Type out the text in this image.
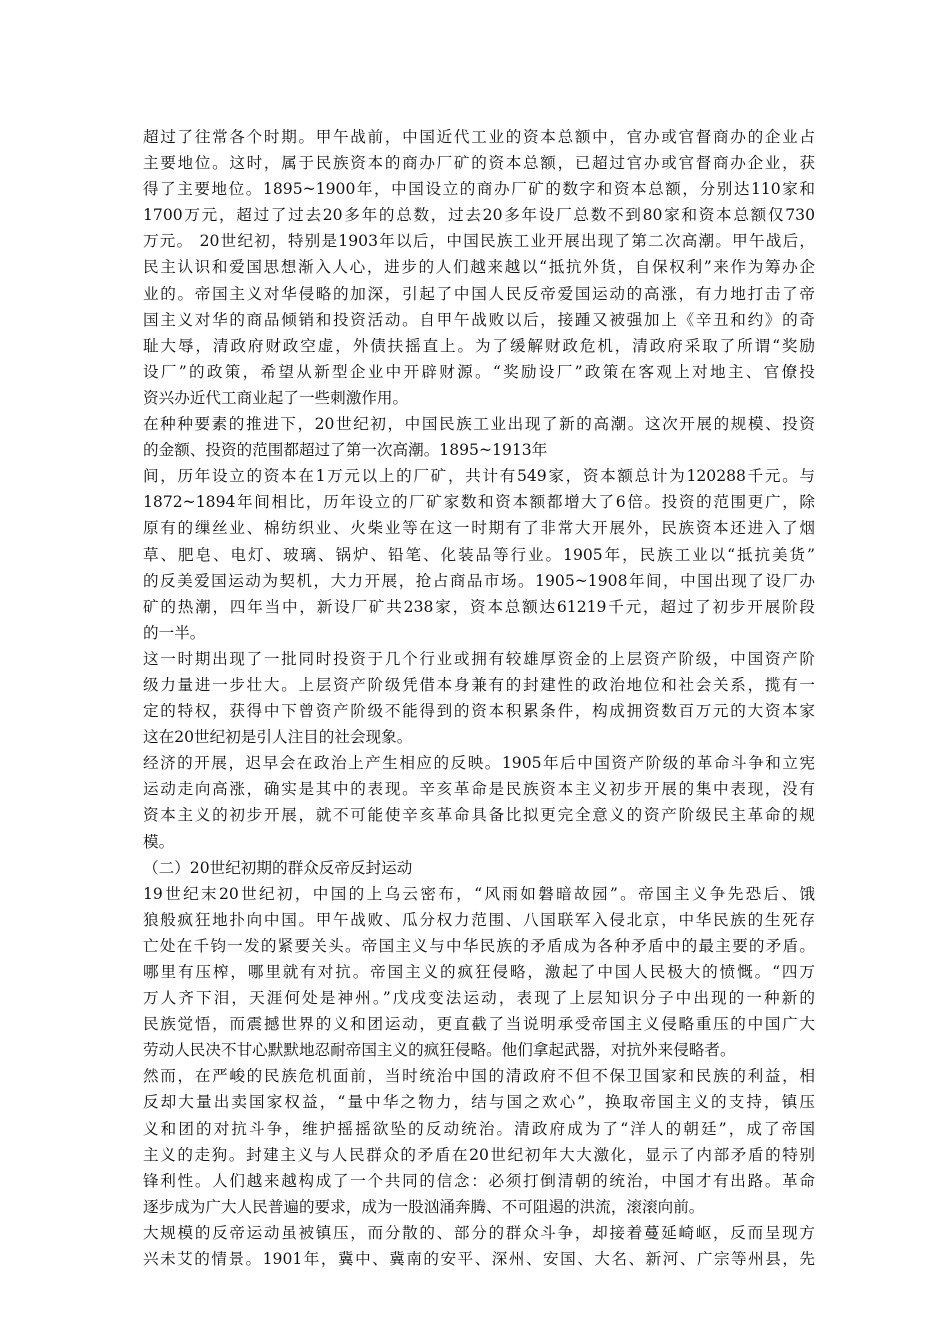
超过了往常各个时期。甲午战前，中国近代工业的资本总额中，官办或官督商办的企业占
主要地位。这时，属于民族资本的商办厂矿的资本总额，已超过官办或官督商办企业，获
得了主要地位。1895~1900年，中国设立的商办厂矿的数字和资本总额，分别达110家和
1700万元，超过了过去20多年的总数，过去20多年设厂总数不到80家和资本总额仅730
万元。 20世纪初，特别是1903年以后，中国民族工业开展出现了第二次高潮。甲午战后，
民主认识和爱国思想渐入人心，进步的人们越来越以“抵抗外货，自保权利”来作为筹办企
业的。帝国主义对华侵略的加深，引起了中国人民反帝爱国运动的高涨，有力地打击了帝
国主义对华的商品倾销和投资活动。自甲午战败以后，接踵又被强加上《辛丑和约》的奇
耻大辱，清政府财政空虚，外债扶摇直上。为了缓解财政危机，清政府采取了所谓“奖励
设厂”的政策，希望从新型企业中开辟财源。“奖励设厂”政策在客观上对地主、官僚投
资兴办近代工商业起了一些刺激作用。
在种种要素的推进下，20世纪初，中国民族工业出现了新的高潮。这次开展的规模、投资
的金额、投资的范围都超过了第一次高潮。1895~1913年
间，历年设立的资本在1万元以上的厂矿，共计有549家，资本额总计为120288千元。与
1872~1894年间相比，历年设立的厂矿家数和资本额都增大了6倍。投资的范围更广，除
原有的缫丝业、棉纺织业、火柴业等在这一时期有了非常大开展外，民族资本还进入了烟
草、肥皂、电灯、玻璃、锅炉、铅笔、化装品等行业。1905年，民族工业以“抵抗美货”
的反美爱国运动为契机，大力开展，抢占商品市场。1905~1908年间，中国出现了设厂办
矿的热潮，四年当中，新设厂矿共238家，资本总额达61219千元，超过了初步开展阶段
的一半。
这一时期出现了一批同时投资于几个行业或拥有较雄厚资金的上层资产阶级，中国资产阶
级力量进一步壮大。上层资产阶级凭借本身兼有的封建性的政治地位和社会关系，揽有一
定的特权，获得中下曾资产阶级不能得到的资本积累条件，构成拥资数百万元的大资本家
这在20世纪初是引人注目的社会现象。
经济的开展，迟早会在政治上产生相应的反映。1905年后中国资产阶级的革命斗争和立宪
运动走向高涨，确实是其中的表现。辛亥革命是民族资本主义初步开展的集中表现，没有
资本主义的初步开展，就不可能使辛亥革命具备比拟更完全意义的资产阶级民主革命的规
模。
（二）20世纪初期的群众反帝反封运动
19世纪末20世纪初，中国的上乌云密布，“风雨如磐暗故园”。帝国主义争先恐后、饿
狼般疯狂地扑向中国。甲午战败、瓜分权力范围、八国联军入侵北京，中华民族的生死存
亡处在千钧一发的紧要关头。帝国主义与中华民族的矛盾成为各种矛盾中的最主要的矛盾。
哪里有压榨，哪里就有对抗。帝国主义的疯狂侵略，激起了中国人民极大的愤慨。“四万
万人齐下泪，天涯何处是神州。”戊戌变法运动，表现了上层知识分子中出现的一种新的
民族觉悟，而震撼世界的义和团运动，更直截了当说明承受帝国主义侵略重压的中国广大
劳动人民决不甘心默默地忍耐帝国主义的疯狂侵略。他们拿起武器，对抗外来侵略者。
然而，在严峻的民族危机面前，当时统治中国的清政府不但不保卫国家和民族的利益，相
反却大量出卖国家权益，“量中华之物力，结与国之欢心”，换取帝国主义的支持，镇压
义和团的对抗斗争，维护摇摇欲坠的反动统治。清政府成为了“洋人的朝廷”，成了帝国
主义的走狗。封建主义与人民群众的矛盾在20世纪初年大大激化，显示了内部矛盾的特别
锋利性。人们越来越构成了一个共同的信念：必须打倒清朝的统治，中国才有出路。革命
逐步成为广大人民普遍的要求，成为一股汹涌奔腾、不可阻遏的洪流，滚滚向前。
大规模的反帝运动虽被镇压，而分散的、部分的群众斗争，却接着蔓延崎岖，反而呈现方
兴未艾的情景。1901年，冀中、冀南的安平、深州、安国、大名、新河、广宗等州县，先
